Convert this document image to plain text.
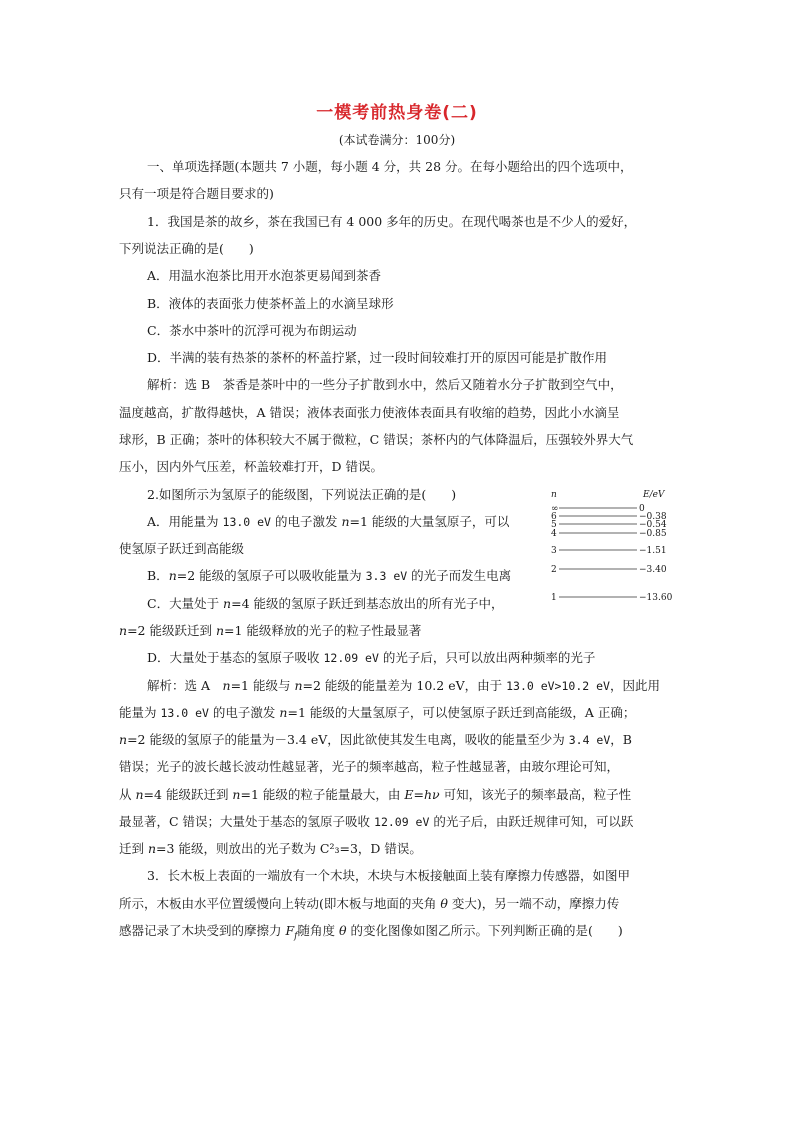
一模考前热身卷(二)
(本试卷满分：100分)
一、单项选择题(本题共 7 小题，每小题 4 分，共 28 分。在每小题给出的四个选项中，
只有一项是符合题目要求的)
1．我国是茶的故乡，茶在我国已有 4 000 多年的历史。在现代喝茶也是不少人的爱好，
下列说法正确的是(　　)
A．用温水泡茶比用开水泡茶更易闻到茶香
B．液体的表面张力使茶杯盖上的水滴呈球形
C．茶水中茶叶的沉浮可视为布朗运动
D．半满的装有热茶的茶杯的杯盖拧紧，过一段时间较难打开的原因可能是扩散作用
解析：选 B　茶香是茶叶中的一些分子扩散到水中，然后又随着水分子扩散到空气中，
温度越高，扩散得越快，A 错误；液体表面张力使液体表面具有收缩的趋势，因此小水滴呈
球形，B 正确；茶叶的体积较大不属于微粒，C 错误；茶杯内的气体降温后，压强较外界大气
压小，因内外气压差，杯盖较难打开，D 错误。
2.如图所示为氢原子的能级图，下列说法正确的是(　　)
A．用能量为 13.0 eV 的电子激发 n=1 能级的大量氢原子，可以
使氢原子跃迁到高能级
B．n=2 能级的氢原子可以吸收能量为 3.3 eV 的光子而发生电离
C．大量处于 n=4 能级的氢原子跃迁到基态放出的所有光子中，
n=2 能级跃迁到 n=1 能级释放的光子的粒子性最显著
D．大量处于基态的氢原子吸收 12.09 eV 的光子后，只可以放出两种频率的光子
解析：选 A　n=1 能级与 n=2 能级的能量差为 10.2 eV，由于 13.0 eV>10.2 eV，因此用
能量为 13.0 eV 的电子激发 n=1 能级的大量氢原子，可以使氢原子跃迁到高能级，A 正确；
n=2 能级的氢原子的能量为－3.4 eV，因此欲使其发生电离，吸收的能量至少为 3.4 eV，B
错误；光子的波长越长波动性越显著，光子的频率越高，粒子性越显著，由玻尔理论可知，
从 n=4 能级跃迁到 n=1 能级的粒子能量最大，由 E=hν 可知，该光子的频率最高，粒子性
最显著，C 错误；大量处于基态的氢原子吸收 12.09 eV 的光子后，由跃迁规律可知，可以跃
迁到 n=3 能级，则放出的光子数为 C²₃=3，D 错误。
3．长木板上表面的一端放有一个木块，木块与木板接触面上装有摩擦力传感器，如图甲
所示，木板由水平位置缓慢向上转动(即木板与地面的夹角 θ 变大)，另一端不动，摩擦力传
感器记录了木块受到的摩擦力 $F_f$随角度 θ 的变化图像如图乙所示。下列判断正确的是(　　)
n	E/eV
∞	0
6	−0.38
5	−0.54
4	−0.85
3	−1.51
2	−3.40
1	−13.60
